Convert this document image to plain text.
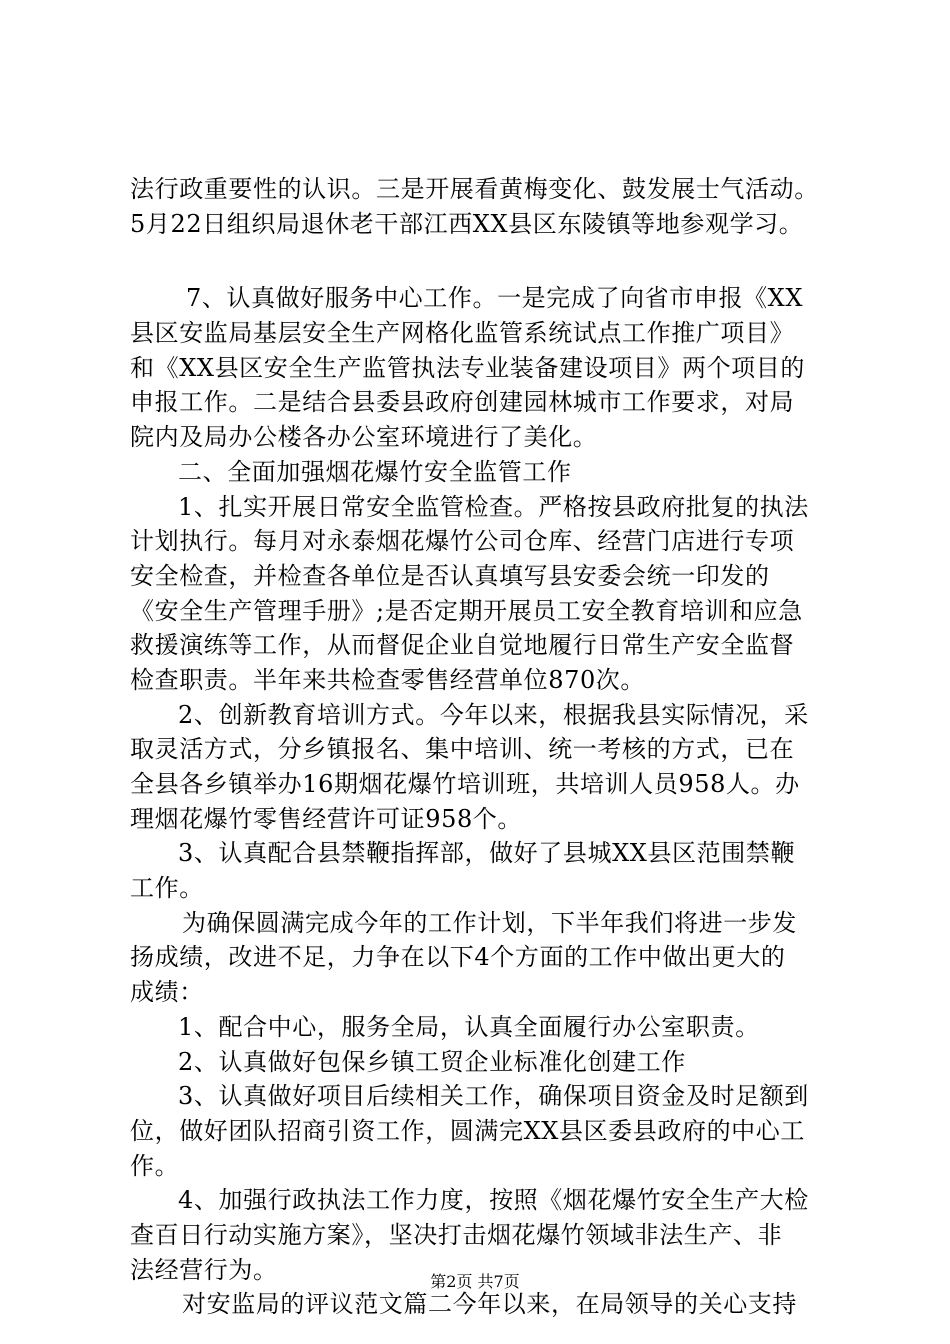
法行政重要性的认识。三是开展看黄梅变化、鼓发展士气活动。
5月22日组织局退休老干部江西XX县区东陵镇等地参观学习。
7、认真做好服务中心工作。一是完成了向省市申报《XX
县区安监局基层安全生产网格化监管系统试点工作推广项目》
和《XX县区安全生产监管执法专业装备建设项目》两个项目的
申报工作。二是结合县委县政府创建园林城市工作要求，对局
院内及局办公楼各办公室环境进行了美化。
二、全面加强烟花爆竹安全监管工作
1、扎实开展日常安全监管检查。严格按县政府批复的执法
计划执行。每月对永泰烟花爆竹公司仓库、经营门店进行专项
安全检查，并检查各单位是否认真填写县安委会统一印发的
《安全生产管理手册》;是否定期开展员工安全教育培训和应急
救援演练等工作，从而督促企业自觉地履行日常生产安全监督
检查职责。半年来共检查零售经营单位870次。
2、创新教育培训方式。今年以来，根据我县实际情况，采
取灵活方式，分乡镇报名、集中培训、统一考核的方式，已在
全县各乡镇举办16期烟花爆竹培训班，共培训人员958人。办
理烟花爆竹零售经营许可证958个。
3、认真配合县禁鞭指挥部，做好了县城XX县区范围禁鞭
工作。
为确保圆满完成今年的工作计划，下半年我们将进一步发
扬成绩，改进不足，力争在以下4个方面的工作中做出更大的
成绩：
1、配合中心，服务全局，认真全面履行办公室职责。
2、认真做好包保乡镇工贸企业标准化创建工作
3、认真做好项目后续相关工作，确保项目资金及时足额到
位，做好团队招商引资工作，圆满完XX县区委县政府的中心工
作。
4、加强行政执法工作力度，按照《烟花爆竹安全生产大检
查百日行动实施方案》，坚决打击烟花爆竹领域非法生产、非
法经营行为。
对安监局的评议范文篇二今年以来，在局领导的关心支持
第2页 共7页
